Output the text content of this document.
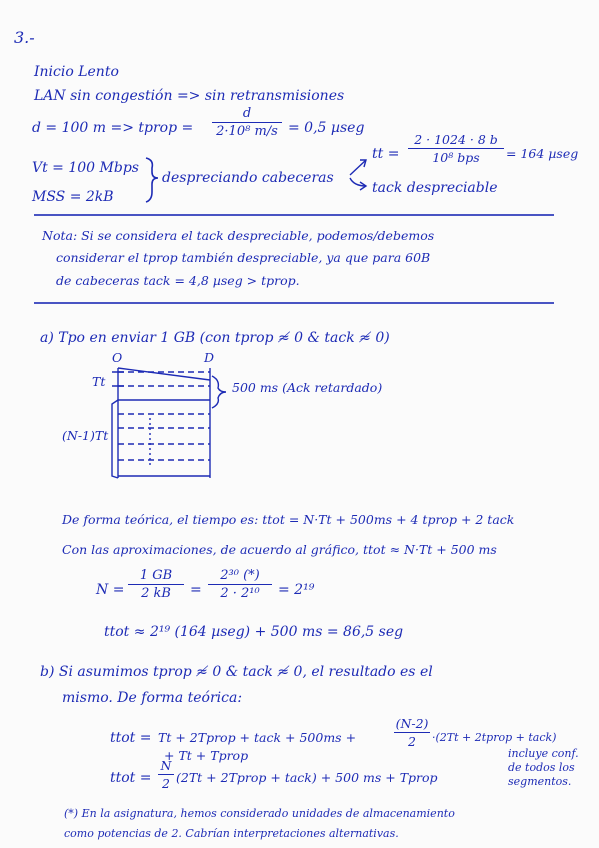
3.-
Inicio Lento
LAN sin congestión => sin retransmisiones
d = 100 m => tprop =
d
2·10⁸ m/s = 0,5 µseg
tt =
2 · 1024 · 8 b
10⁸ bps	= 164 µseg
Vt = 100 Mbps
MSS = 2kB
despreciando cabeceras
tack despreciable
Nota: Si se considera el tack despreciable, podemos/debemos
considerar el tprop también despreciable, ya que para 60B
de cabeceras tack = 4,8 µseg > tprop.
a) Tpo en enviar 1 GB (con tprop ≉ 0 & tack ≉ 0)
O	D
Tt
(N-1)Tt
500 ms (Ack retardado)
De forma teórica, el tiempo es: ttot = N·Tt + 500ms + 4 tprop + 2 tack
Con las aproximaciones, de acuerdo al gráfico, ttot ≈ N·Tt + 500 ms
N =
1 GB
2 kB	=
2³⁰ (*)
2 · 2¹⁰	= 2¹⁹
ttot ≈ 2¹⁹ (164 µseg) + 500 ms = 86,5 seg
b) Si asumimos tprop ≉ 0 & tack ≉ 0, el resultado es el
mismo. De forma teórica:
ttot = Tt + 2Tprop + tack + 500ms +
(N-2)
2	·(2Tt + 2tprop + tack)
+ Tt + Tprop
ttot =
N
2 (2Tt + 2Tprop + tack) + 500 ms + Tprop
incluye conf.
de todos los
segmentos.
(*) En la asignatura, hemos considerado unidades de almacenamiento
como potencias de 2. Cabrían interpretaciones alternativas.
